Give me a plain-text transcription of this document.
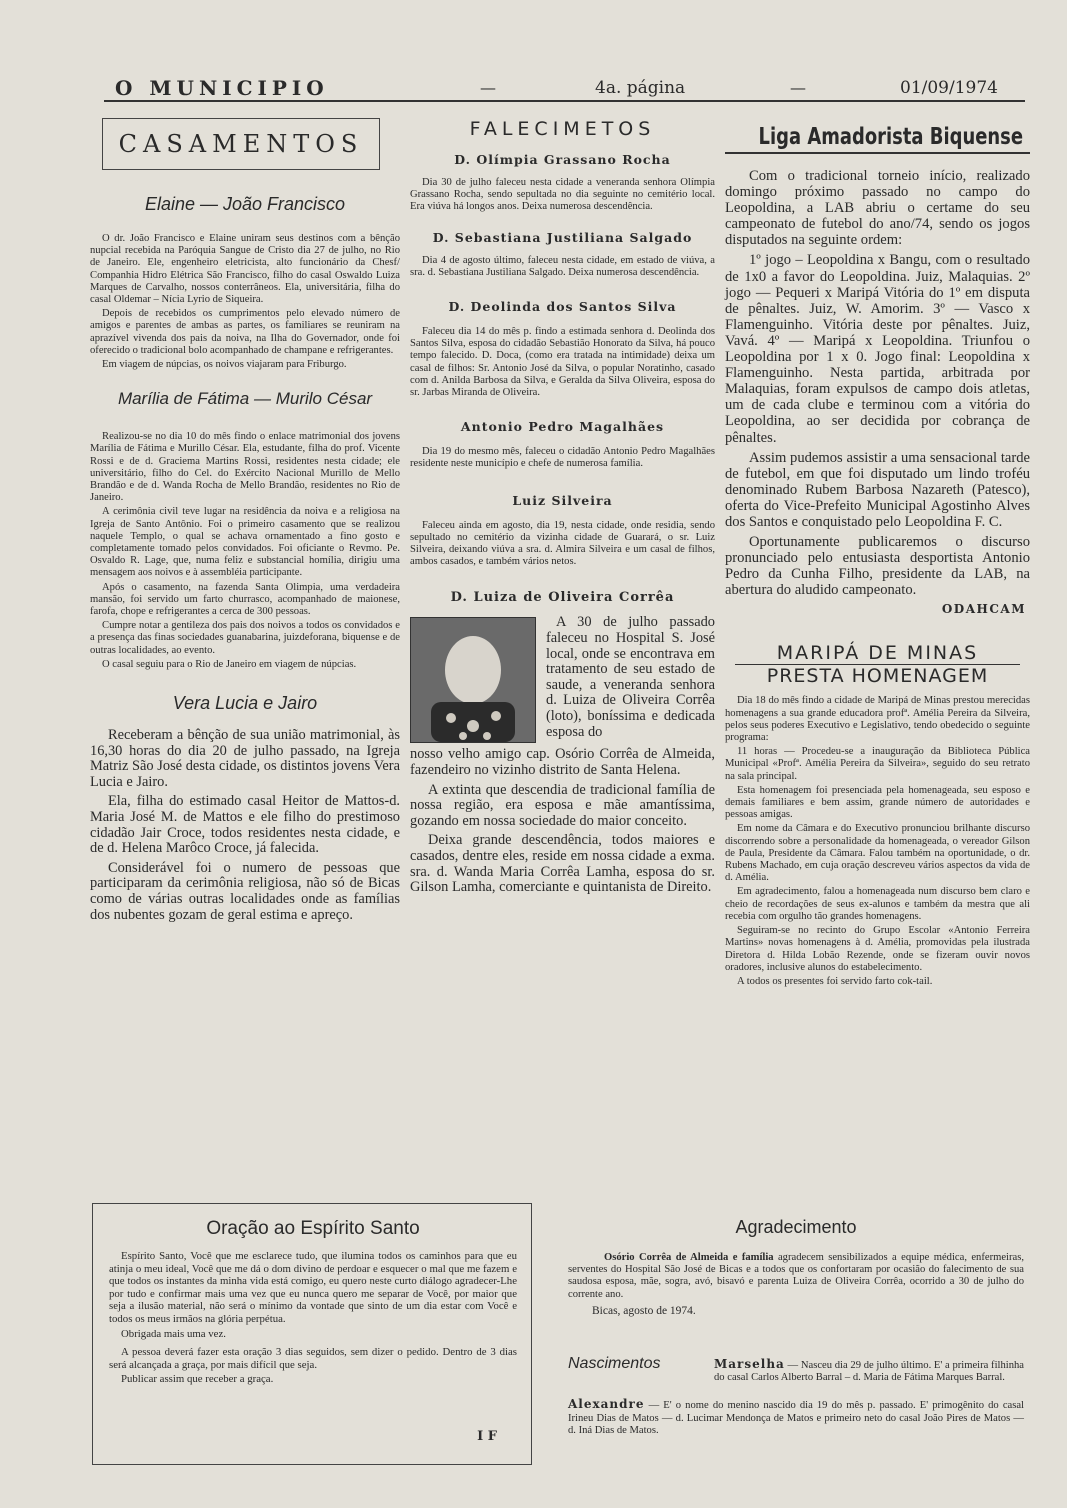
O MUNICIPIO	—	4a. página	—	01/09/1974
CASAMENTOS

Elaine — João Francisco

O dr. João Francisco e Elaine uniram seus destinos com a bênção nupcial recebida na Paróquia Sangue de Cristo dia 27 de julho, no Rio de Janeiro. Ele, engenheiro eletricista, alto funcionário da Chesf/ Companhia Hidro Elétrica São Francisco, filho do casal Oswaldo Luiza Marques de Carvalho, nossos conterrâneos. Ela, universitária, filha do casal Oldemar – Nícia Lyrio de Siqueira.

Depois de recebidos os cumprimentos pelo elevado número de amigos e parentes de ambas as partes, os familiares se reuniram na aprazível vivenda dos pais da noiva, na Ilha do Governador, onde foi oferecido o tradicional bolo acompanhado de champane e refrigerantes.

Em viagem de núpcias, os noivos viajaram para Friburgo.

Marília de Fátima — Murilo César

Realizou-se no dia 10 do mês findo o enlace matrimonial dos jovens Marília de Fátima e Murillo César. Ela, estudante, filha do prof. Vicente Rossi e de d. Graciema Martins Rossi, residentes nesta cidade; ele universitário, filho do Cel. do Exército Nacional Murillo de Mello Brandão e de d. Wanda Rocha de Mello Brandão, residentes no Rio de Janeiro.

A cerimônia civil teve lugar na residência da noiva e a religiosa na Igreja de Santo Antônio. Foi o primeiro casamento que se realizou naquele Templo, o qual se achava ornamentado a fino gosto e completamente tomado pelos convidados. Foi oficiante o Revmo. Pe. Osvaldo R. Lage, que, numa feliz e substancial homília, dirigiu uma mensagem aos noivos e à assembléia participante.

Após o casamento, na fazenda Santa Olimpia, uma verdadeira mansão, foi servido um farto churrasco, acompanhado de maionese, farofa, chope e refrigerantes a cerca de 300 pessoas.

Cumpre notar a gentileza dos pais dos noivos a todos os convidados e a presença das finas sociedades guanabarina, juizdeforana, biquense e de outras localidades, ao evento.

O casal seguiu para o Rio de Janeiro em viagem de núpcias.

Vera Lucia e Jairo

Receberam a bênção de sua união matrimonial, às 16,30 horas do dia 20 de julho passado, na Igreja Matriz São José desta cidade, os distintos jovens Vera Lucia e Jairo.

Ela, filha do estimado casal Heitor de Mattos-d. Maria José M. de Mattos e ele filho do prestimoso cidadão Jair Croce, todos residentes nesta cidade, e de d. Helena Marôco Croce, já falecida.

Considerável foi o numero de pessoas que participaram da cerimônia religiosa, não só de Bicas como de várias outras localidades onde as famílias dos nubentes gozam de geral estima e apreço.

FALECIMETOS

D. Olímpia Grassano Rocha

Dia 30 de julho faleceu nesta cidade a veneranda senhora Olímpia Grassano Rocha, sendo sepultada no dia seguinte no cemitério local. Era viúva há longos anos. Deixa numerosa descendência.

D. Sebastiana Justiliana Salgado

Dia 4 de agosto último, faleceu nesta cidade, em estado de viúva, a sra. d. Sebastiana Justiliana Salgado. Deixa numerosa descendência.

D. Deolinda dos Santos Silva

Faleceu dia 14 do mês p. findo a estimada senhora d. Deolinda dos Santos Silva, esposa do cidadão Sebastião Honorato da Silva, há pouco tempo falecido. D. Doca, (como era tratada na intimidade) deixa um casal de filhos: Sr. Antonio José da Silva, o popular Noratinho, casado com d. Anilda Barbosa da Silva, e Geralda da Silva Oliveira, esposa do sr. Jarbas Miranda de Oliveira.

Antonio Pedro Magalhães

Dia 19 do mesmo mês, faleceu o cidadão Antonio Pedro Magalhães residente neste município e chefe de numerosa família.

Luiz Silveira

Faleceu ainda em agosto, dia 19, nesta cidade, onde residia, sendo sepultado no cemitério da vizinha cidade de Guarará, o sr. Luiz Silveira, deixando viúva a sra. d. Almira Silveira e um casal de filhos, ambos casados, e também vários netos.

D. Luiza de Oliveira Corrêa

A 30 de julho passado faleceu no Hospital S. José local, onde se encontrava em tratamento de seu estado de saude, a veneranda senhora d. Luiza de Oliveira Corrêa (loto), boníssima e dedicada esposa do

nosso velho amigo cap. Osório Corrêa de Almeida, fazendeiro no vizinho distrito de Santa Helena.

A extinta que descendia de tradicional família de nossa região, era esposa e mãe amantíssima, gozando em nossa sociedade do maior conceito.

Deixa grande descendência, todos maiores e casados, dentre eles, reside em nossa cidade a exma. sra. d. Wanda Maria Corrêa Lamha, esposa do sr. Gilson Lamha, comerciante e quintanista de Direito.

Liga Amadorista Biquense

Com o tradicional torneio início, realizado domingo próximo passado no campo do Leopoldina, a LAB abriu o certame do seu campeonato de futebol do ano/74, sendo os jogos disputados na seguinte ordem:

1º jogo – Leopoldina x Bangu, com o resultado de 1x0 a favor do Leopoldina. Juiz, Malaquias. 2º jogo — Pequeri x Maripá Vitória do 1º em disputa de pênaltes. Juiz, W. Amorim. 3º — Vasco x Flamenguinho. Vitória deste por pênaltes. Juiz, Vavá. 4º — Maripá x Leopoldina. Triunfou o Leopoldina por 1 x 0. Jogo final: Leopoldina x Flamenguinho. Nesta partida, arbitrada por Malaquias, foram expulsos de campo dois atletas, um de cada clube e terminou com a vitória do Leopoldina, ao ser decidida por cobrança de pênaltes.

Assim pudemos assistir a uma sensacional tarde de futebol, em que foi disputado um lindo troféu denominado Rubem Barbosa Nazareth (Patesco), oferta do Vice-Prefeito Municipal Agostinho Alves dos Santos e conquistado pelo Leopoldina F. C.

Oportunamente publicaremos o discurso pronunciado pelo entusiasta desportista Antonio Pedro da Cunha Filho, presidente da LAB, na abertura do aludido campeonato.

ODAHCAM

MARIPÁ DE MINAS

PRESTA HOMENAGEM

Dia 18 do mês findo a cidade de Maripá de Minas prestou merecidas homenagens a sua grande educadora profª. Amélia Pereira da Silveira, pelos seus poderes Executivo e Legislativo, tendo obedecido o seguinte programa:

11 horas — Procedeu-se a inauguração da Biblioteca Pública Municipal «Profª. Amélia Pereira da Silveira», seguido do seu retrato na sala principal.

Esta homenagem foi presenciada pela homenageada, seu esposo e demais familiares e bem assim, grande número de autoridades e pessoas amigas.

Em nome da Câmara e do Executivo pronunciou brilhante discurso discorrendo sobre a personalidade da homenageada, o vereador Gilson de Paula, Presidente da Câmara. Falou também na oportunidade, o dr. Rubens Machado, em cuja oração descreveu vários aspectos da vida de d. Amélia.

Em agradecimento, falou a homenageada num discurso bem claro e cheio de recordações de seus ex-alunos e também da mestra que ali recebia com orgulho tão grandes homenagens.

Seguiram-se no recinto do Grupo Escolar «Antonio Ferreira Martins» novas homenagens à d. Amélia, promovidas pela ilustrada Diretora d. Hilda Lobão Rezende, onde se fizeram ouvir novos oradores, inclusive alunos do estabelecimento.

A todos os presentes foi servido farto cok-tail.

Oração ao Espírito Santo

Espírito Santo, Você que me esclarece tudo, que ilumina todos os caminhos para que eu atinja o meu ideal, Você que me dá o dom divino de perdoar e esquecer o mal que me fazem e que todos os instantes da minha vida está comigo, eu quero neste curto diálogo agradecer-Lhe por tudo e confirmar mais uma vez que eu nunca quero me separar de Você, por maior que seja a ilusão material, não será o mínimo da vontade que sinto de um dia estar com Você e todos os meus irmãos na glória perpétua.

Obrigada mais uma vez.

A pessoa deverá fazer esta oração 3 dias seguidos, sem dizer o pedido. Dentro de 3 dias será alcançada a graça, por mais difícil que seja.

Publicar assim que receber a graça.

I F

Agradecimento

Osório Corrêa de Almeida e família agradecem sensibilizados a equipe médica, enfermeiras, serventes do Hospital São José de Bicas e a todos que os confortaram por ocasião do falecimento de sua saudosa esposa, mãe, sogra, avó, bisavó e parenta Luiza de Oliveira Corrêa, ocorrido a 30 de julho do corrente ano.

Bicas, agosto de 1974.

Nascimentos	Marselha — Nasceu dia 29 de julho último. E' a primeira filhinha do casal Carlos Alberto Barral – d. Maria de Fátima Marques Barral.

Alexandre — E' o nome do menino nascido dia 19 do mês p. passado. E' primogênito do casal Irineu Dias de Matos — d. Lucimar Mendonça de Matos e primeiro neto do casal João Pires de Matos — d. Iná Dias de Matos.
